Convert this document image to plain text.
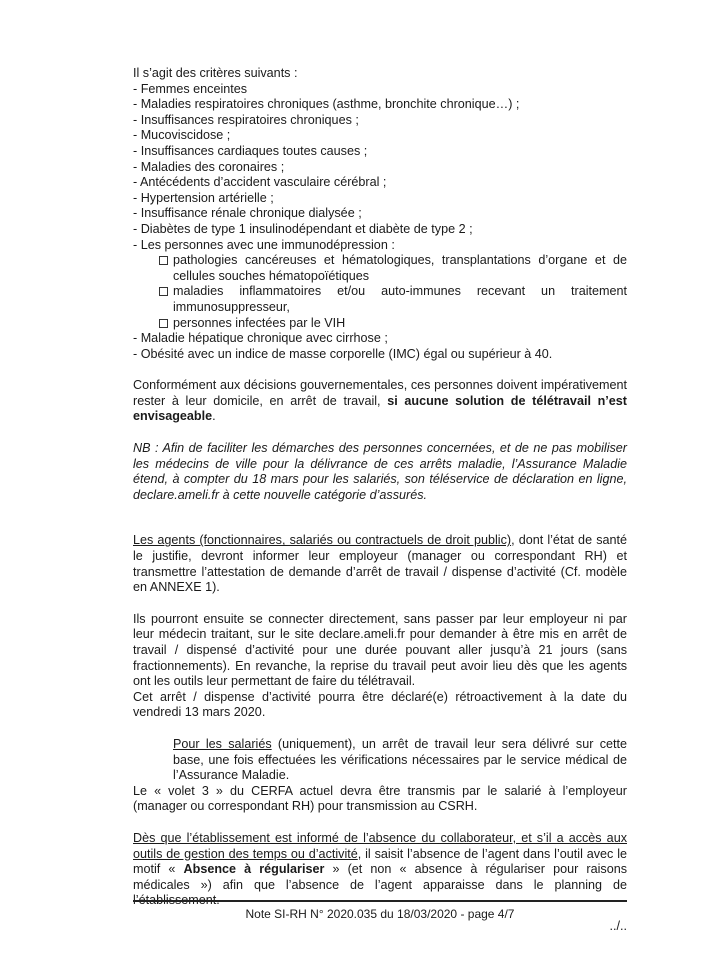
Il s’agit des critères suivants :
- Femmes enceintes
- Maladies respiratoires chroniques (asthme, bronchite chronique…) ;
- Insuffisances respiratoires chroniques ;
- Mucoviscidose ;
- Insuffisances cardiaques toutes causes ;
- Maladies des coronaires ;
- Antécédents d’accident vasculaire cérébral ;
- Hypertension artérielle ;
- Insuffisance rénale chronique dialysée ;
- Diabètes de type 1 insulinodépendant et diabète de type 2 ;
- Les personnes avec une immunodépression :
pathologies cancéreuses et hématologiques, transplantations d’organe et de cellules souches hématopoïétiques
maladies inflammatoires et/ou auto-immunes recevant un traitement immunosuppresseur,
personnes infectées par le VIH
- Maladie hépatique chronique avec cirrhose ;
- Obésité avec un indice de masse corporelle (IMC) égal ou supérieur à 40.

Conformément aux décisions gouvernementales, ces personnes doivent impérativement rester à leur domicile, en arrêt de travail, si aucune solution de télétravail n’est envisageable.

NB : Afin de faciliter les démarches des personnes concernées, et de ne pas mobiliser les médecins de ville pour la délivrance de ces arrêts maladie, l’Assurance Maladie étend, à compter du 18 mars pour les salariés, son téléservice de déclaration en ligne, declare.ameli.fr à cette nouvelle catégorie d’assurés.

Les agents (fonctionnaires, salariés ou contractuels de droit public), dont l’état de santé le justifie, devront informer leur employeur (manager ou correspondant RH) et transmettre l’attestation de demande d’arrêt de travail / dispense d’activité (Cf. modèle en ANNEXE 1).

Ils pourront ensuite se connecter directement, sans passer par leur employeur ni par leur médecin traitant, sur le site declare.ameli.fr pour demander à être mis en arrêt de travail / dispensé d’activité pour une durée pouvant aller jusqu’à 21 jours (sans fractionnements). En revanche, la reprise du travail peut avoir lieu dès que les agents ont les outils leur permettant de faire du télétravail.

Cet arrêt / dispense d’activité pourra être déclaré(e) rétroactivement à la date du vendredi 13 mars 2020.

Pour les salariés (uniquement), un arrêt de travail leur sera délivré sur cette base, une fois effectuées les vérifications nécessaires par le service médical de l’Assurance Maladie.

Le « volet 3 » du CERFA actuel devra être transmis par le salarié à l’employeur (manager ou correspondant RH) pour transmission au CSRH.

Dès que l’établissement est informé de l’absence du collaborateur, et s’il a accès aux outils de gestion des temps ou d’activité, il saisit l’absence de l’agent dans l’outil avec le motif « Absence à régulariser » (et non « absence à régulariser pour raisons médicales ») afin que l’absence de l’agent apparaisse dans le planning de l’établissement.

../..
Note SI-RH N° 2020.035 du 18/03/2020 - page 4/7
